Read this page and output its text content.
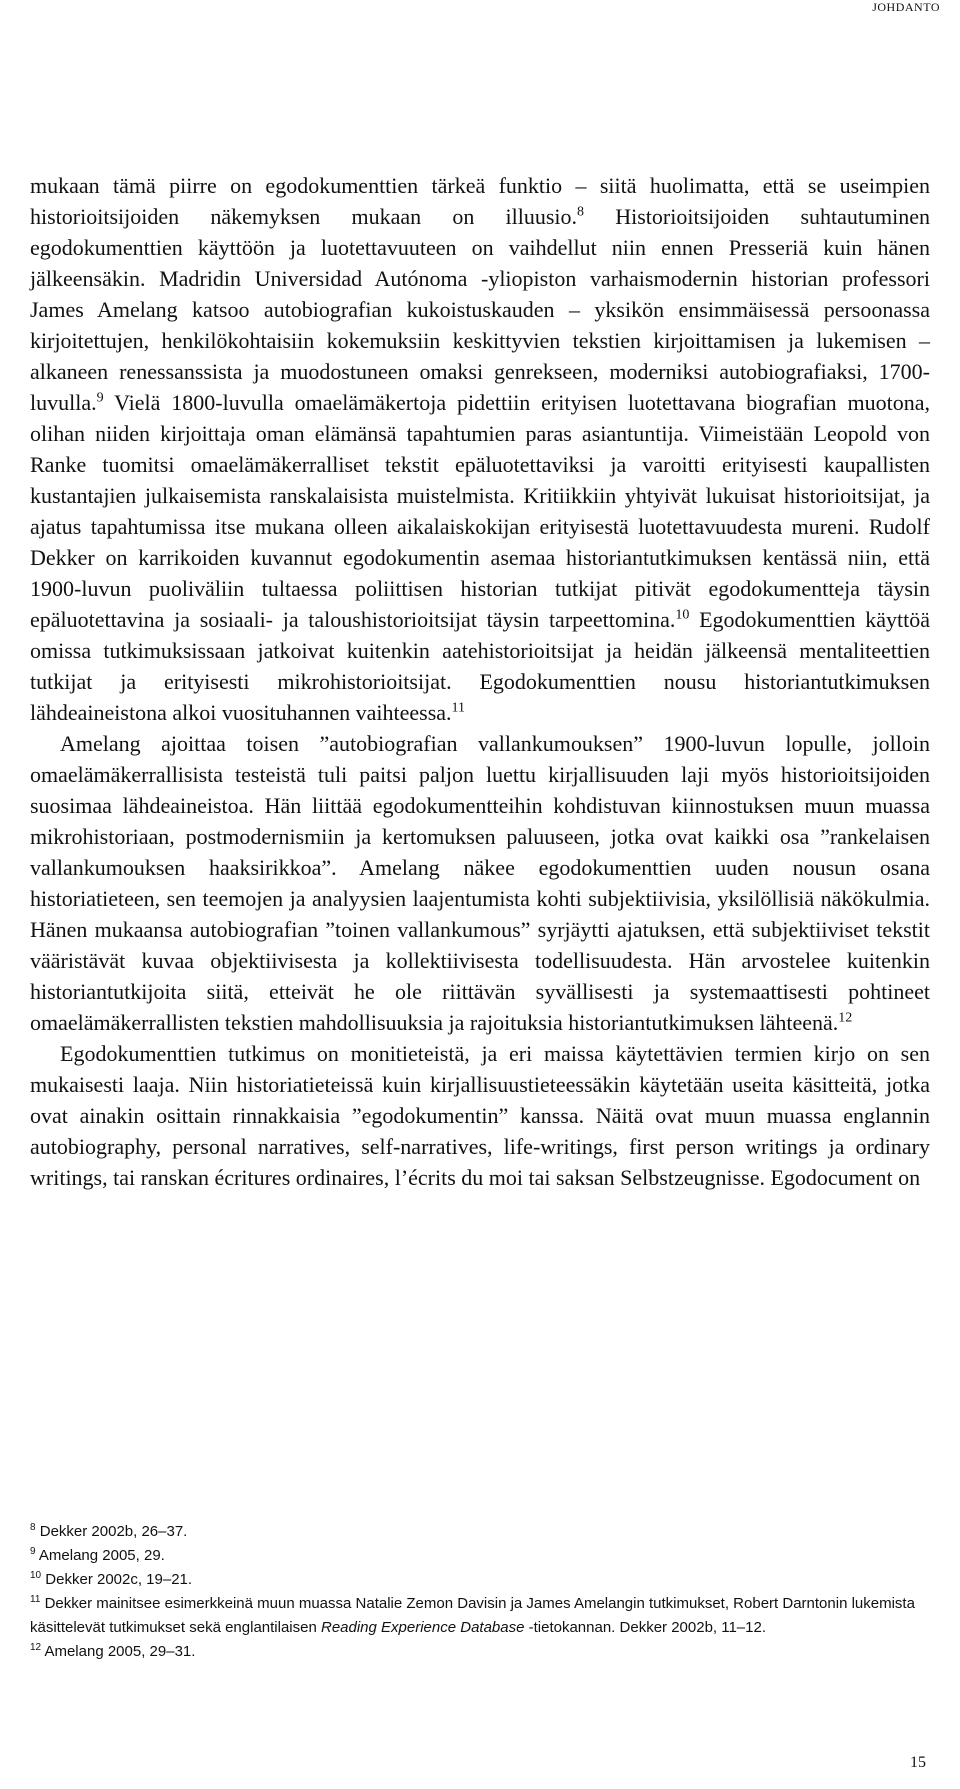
JOHDANTO

mukaan tämä piirre on egodokumenttien tärkeä funktio – siitä huolimatta, että se useimpien historioitsijoiden näkemyksen mukaan on illuusio.$^8$ Historioitsijoiden suhtautuminen egodokumenttien käyttöön ja luotettavuuteen on vaihdellut niin ennen Presseriä kuin hänen jälkeensäkin. Madridin Universidad Autónoma -yliopiston varhaismodernin historian professori James Amelang katsoo autobiografian kukoistuskauden – yksikön ensimmäisessä persoonassa kirjoitettujen, henkilökohtaisiin kokemuksiin keskittyvien tekstien kirjoittamisen ja lukemisen – alkaneen renessanssista ja muodostuneen omaksi genrekseen, moderniksi autobiografiaksi, 1700-luvulla.$^9$ Vielä 1800-luvulla omaelämäkertoja pidettiin erityisen luotettavana biografian muotona, olihan niiden kirjoittaja oman elämänsä tapahtumien paras asiantuntija. Viimeistään Leopold von Ranke tuomitsi omaelämäkerralliset tekstit epäluotettaviksi ja varoitti erityisesti kaupallisten kustantajien julkaisemista ranskalaisista muistelmista. Kritiikkiin yhtyivät lukuisat historioitsijat, ja ajatus tapahtumissa itse mukana olleen aikalaiskokijan erityisestä luotettavuudesta mureni. Rudolf Dekker on karrikoiden kuvannut egodokumentin asemaa historiantutkimuksen kentässä niin, että 1900-luvun puoliväliin tultaessa poliittisen historian tutkijat pitivät egodokumentteja täysin epäluotettavina ja sosiaali- ja taloushistorioitsijat täysin tarpeettomina.$^{10}$ Egodokumenttien käyttöä omissa tutkimuksissaan jatkoivat kuitenkin aatehistorioitsijat ja heidän jälkeensä mentaliteettien tutkijat ja erityisesti mikrohistorioitsijat. Egodokumenttien nousu historiantutkimuksen lähdeaineistona alkoi vuosituhannen vaihteessa.$^{11}$

Amelang ajoittaa toisen ”autobiografian vallankumouksen” 1900-luvun lopulle, jolloin omaelämäkerrallisista testeistä tuli paitsi paljon luettu kirjallisuuden laji myös historioitsijoiden suosimaa lähdeaineistoa. Hän liittää egodokumentteihin kohdistuvan kiinnostuksen muun muassa mikrohistoriaan, postmodernismiin ja kertomuksen paluuseen, jotka ovat kaikki osa ”rankelaisen vallankumouksen haaksirikkoa”. Amelang näkee egodokumenttien uuden nousun osana historiatieteen, sen teemojen ja analyysien laajentumista kohti subjektiivisia, yksilöllisiä näkökulmia. Hänen mukaansa autobiografian ”toinen vallankumous” syrjäytti ajatuksen, että subjektiiviset tekstit vääristävät kuvaa objektiivisesta ja kollektiivisesta todellisuudesta. Hän arvostelee kuitenkin historiantutkijoita siitä, etteivät he ole riittävän syvällisesti ja systemaattisesti pohtineet omaelämäkerrallisten tekstien mahdollisuuksia ja rajoituksia historiantutkimuksen lähteenä.$^{12}$

Egodokumenttien tutkimus on monitieteistä, ja eri maissa käytettävien termien kirjo on sen mukaisesti laaja. Niin historiatieteissä kuin kirjallisuustieteessäkin käytetään useita käsitteitä, jotka ovat ainakin osittain rinnakkaisia ”egodokumentin” kanssa. Näitä ovat muun muassa englannin autobiography, personal narratives, self-narratives, life-writings, first person writings ja ordinary writings, tai ranskan écritures ordinaires, l’écrits du moi tai saksan Selbstzeugnisse. Egodocument on

$^8$ Dekker 2002b, 26–37.

$^9$ Amelang 2005, 29.

$^{10}$ Dekker 2002c, 19–21.

$^{11}$ Dekker mainitsee esimerkkeinä muun muassa Natalie Zemon Davisin ja James Amelangin tutkimukset, Robert Darntonin lukemista käsittelevät tutkimukset sekä englantilaisen Reading Experience Database -tietokannan. Dekker 2002b, 11–12.

$^{12}$ Amelang 2005, 29–31.

15
